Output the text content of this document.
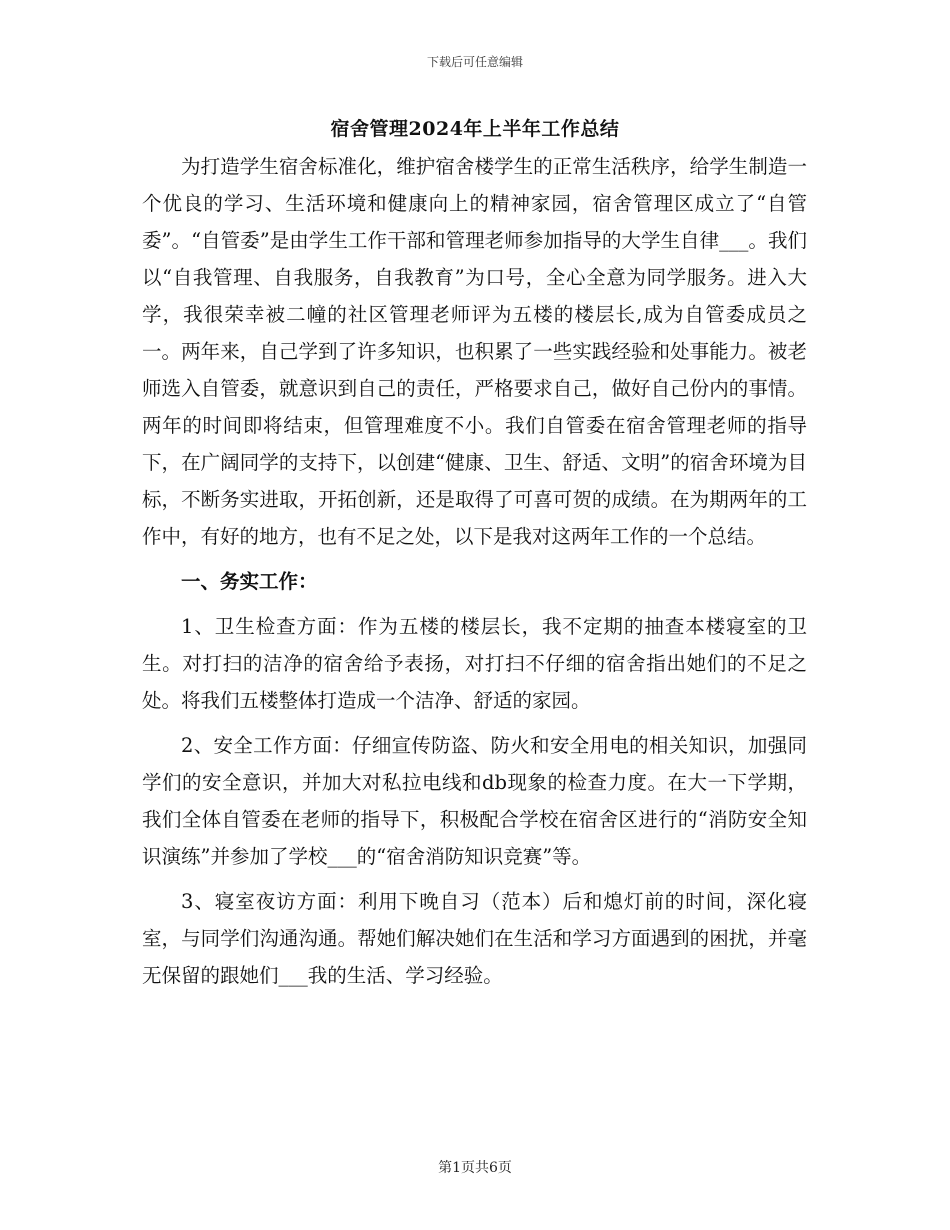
下载后可任意编辑
宿舍管理2024年上半年工作总结

为打造学生宿舍标准化，维护宿舍楼学生的正常生活秩序，给学生制造一个优良的学习、生活环境和健康向上的精神家园，宿舍管理区成立了“自管委”。“自管委”是由学生工作干部和管理老师参加指导的大学生自律___。我们以“自我管理、自我服务，自我教育”为口号，全心全意为同学服务。进入大学，我很荣幸被二幢的社区管理老师评为五楼的楼层长,成为自管委成员之一。两年来，自己学到了许多知识，也积累了一些实践经验和处事能力。被老师选入自管委，就意识到自己的责任，严格要求自己，做好自己份内的事情。两年的时间即将结束，但管理难度不小。我们自管委在宿舍管理老师的指导下，在广阔同学的支持下，以创建“健康、卫生、舒适、文明”的宿舍环境为目标，不断务实进取，开拓创新，还是取得了可喜可贺的成绩。在为期两年的工作中，有好的地方，也有不足之处，以下是我对这两年工作的一个总结。

一、务实工作：

1、卫生检查方面：作为五楼的楼层长，我不定期的抽查本楼寝室的卫生。对打扫的洁净的宿舍给予表扬，对打扫不仔细的宿舍指出她们的不足之处。将我们五楼整体打造成一个洁净、舒适的家园。

2、安全工作方面：仔细宣传防盗、防火和安全用电的相关知识，加强同学们的安全意识，并加大对私拉电线和db现象的检查力度。在大一下学期，我们全体自管委在老师的指导下，积极配合学校在宿舍区进行的“消防安全知识演练”并参加了学校___的“宿舍消防知识竞赛”等。

3、寝室夜访方面：利用下晚自习（范本）后和熄灯前的时间，深化寝室，与同学们沟通沟通。帮她们解决她们在生活和学习方面遇到的困扰，并毫无保留的跟她们___我的生活、学习经验。

第1页共6页
